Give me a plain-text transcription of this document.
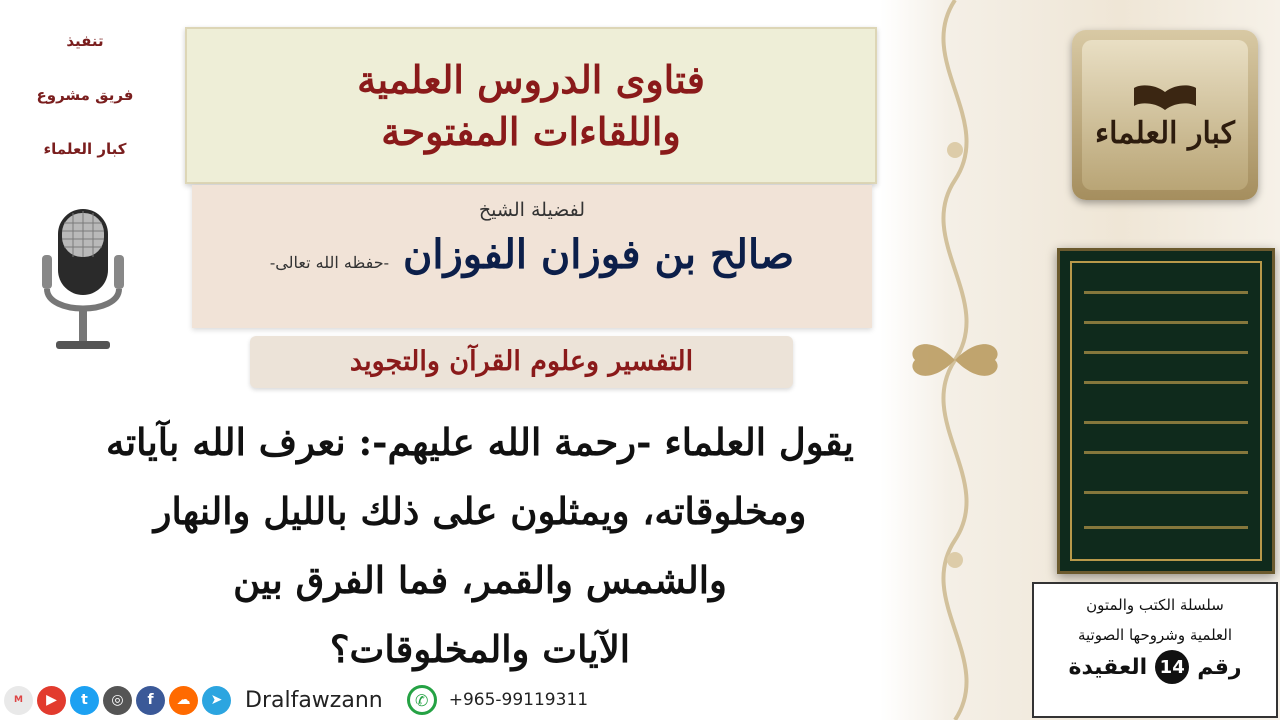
كبار العلماء
سلسلة الكتب والمتون
العلمية وشروحها الصوتية
رقم
14
العقيدة
تنفيذ
فريق مشروع
كبار العلماء
فتاوى الدروس العلمية
واللقاءات المفتوحة
لفضيلة الشيخ
صالح بن فوزان الفوزان
-حفظه الله تعالى-
التفسير وعلوم القرآن والتجويد
يقول العلماء -رحمة الله عليهم-: نعرف الله بآياته
ومخلوقاته، ويمثلون على ذلك بالليل والنهار
والشمس والقمر، فما الفرق بين
الآيات والمخلوقات؟
M	▶	t	◎	f	☁	➤	Dralfawzann	✆	+965-99119311
